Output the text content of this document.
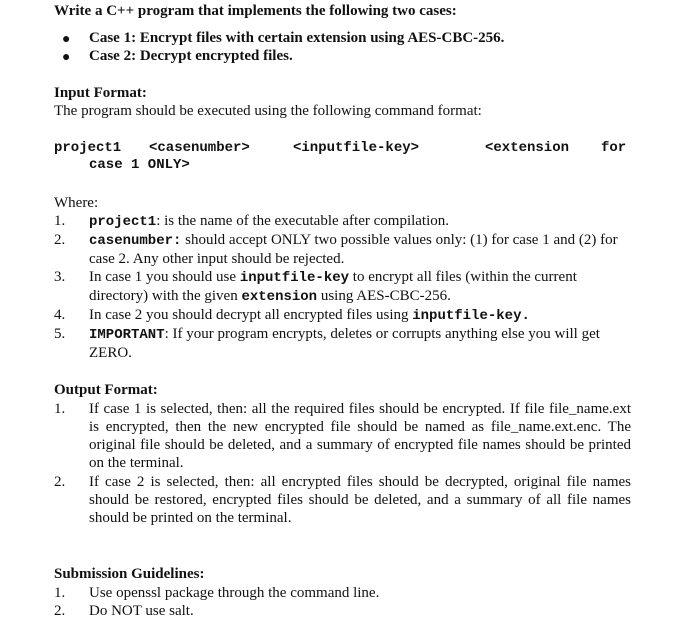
Write a C++ program that implements the following two cases:
● Case 1: Encrypt files with certain extension using AES-CBC-256.
● Case 2: Decrypt encrypted files.
Input Format:
The program should be executed using the following command format:
project1 <casenumber>	<inputfile-key>	<extension for
case 1 ONLY>
Where:
1. project1: is the name of the executable after compilation.
2. casenumber: should accept ONLY two possible values only: (1) for case 1 and (2) for case 2. Any other input should be rejected.
3. In case 1 you should use inputfile-key to encrypt all files (within the current directory) with the given extension using AES-CBC-256.
4. In case 2 you should decrypt all encrypted files using inputfile-key.
5. IMPORTANT: If your program encrypts, deletes or corrupts anything else you will get ZERO.
Output Format:
1. If case 1 is selected, then: all the required files should be encrypted. If file file_name.ext is encrypted, then the new encrypted file should be named as file_name.ext.enc. The original file should be deleted, and a summary of encrypted file names should be printed on the terminal.
2. If case 2 is selected, then: all encrypted files should be decrypted, original file names should be restored, encrypted files should be deleted, and a summary of all file names should be printed on the terminal.
Submission Guidelines:
1. Use openssl package through the command line.
2. Do NOT use salt.
